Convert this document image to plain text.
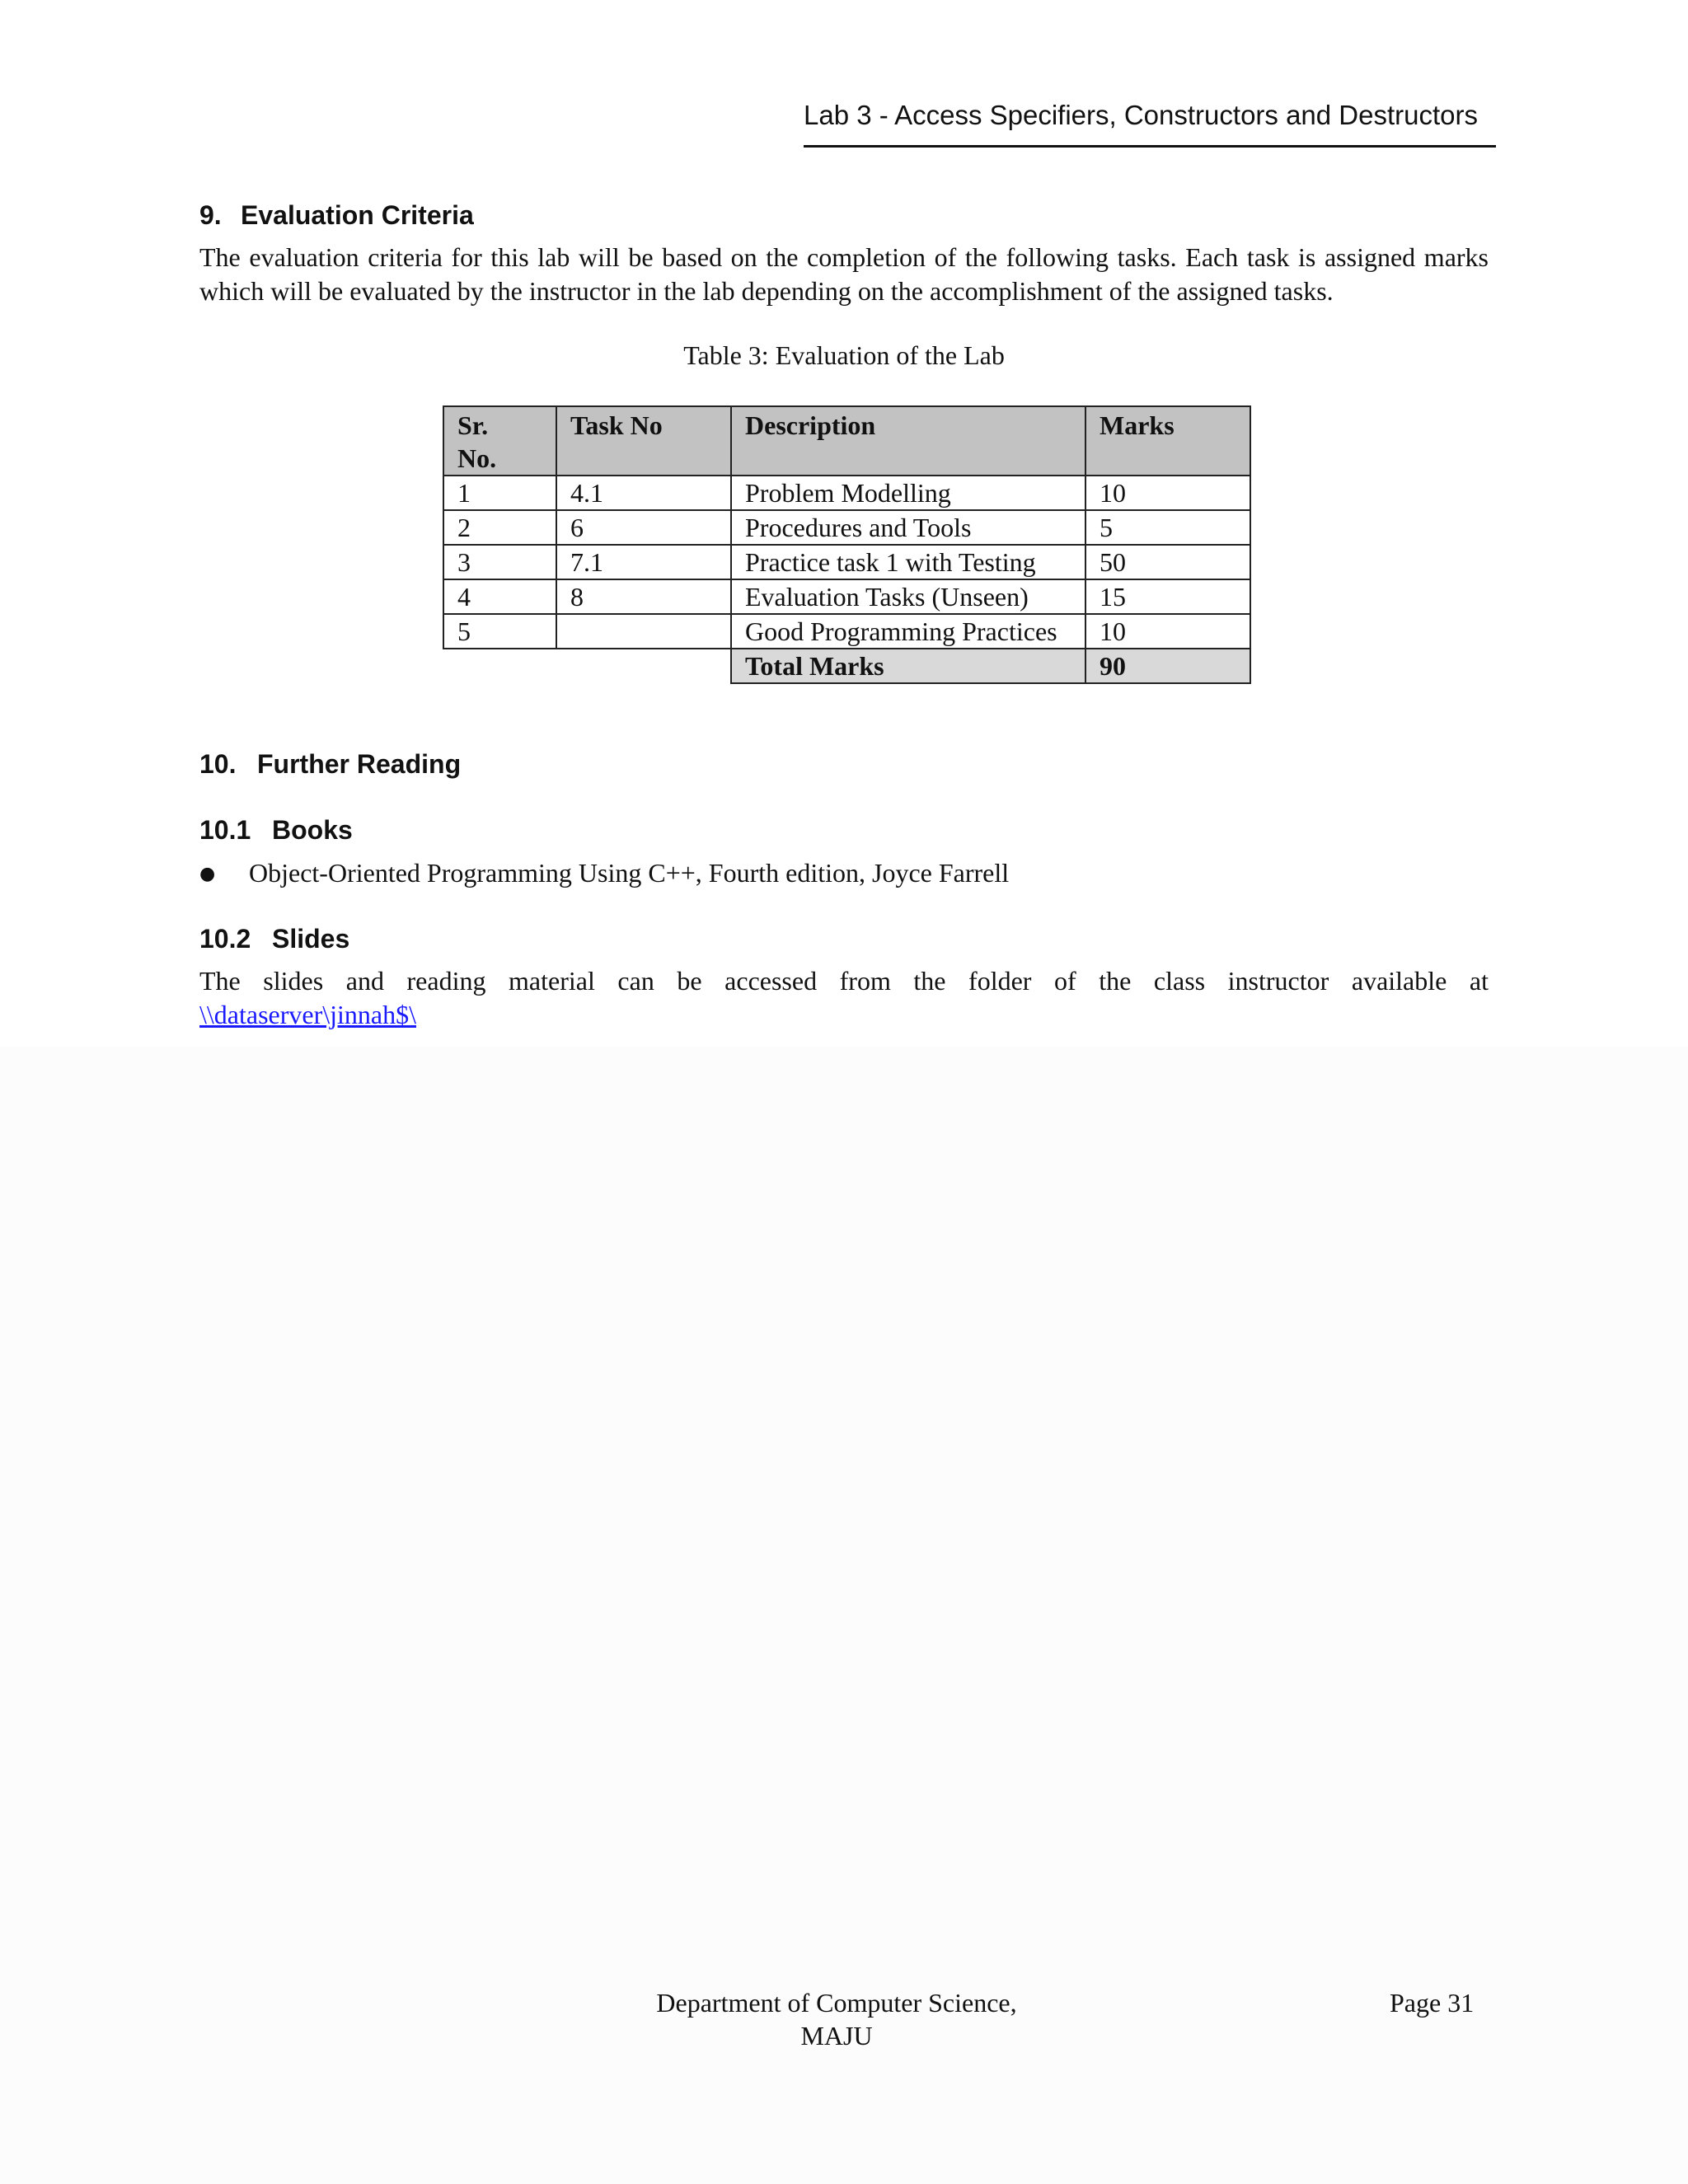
Lab 3 - Access Specifiers, Constructors and Destructors
9. Evaluation Criteria
The evaluation criteria for this lab will be based on the completion of the following tasks. Each task is assigned marks which will be evaluated by the instructor in the lab depending on the accomplishment of the assigned tasks.
Table 3: Evaluation of the Lab
Sr.
No.	Task No	Description	Marks
1	4.1	Problem Modelling	10
2	6	Procedures and Tools	5
3	7.1	Practice task 1 with Testing	50
4	8	Evaluation Tasks (Unseen)	15
5		Good Programming Practices	10
		Total Marks	90
10. Further Reading
10.1 Books
● Object-Oriented Programming Using C++, Fourth edition, Joyce Farrell
10.2 Slides
The slides and reading material can be accessed from the folder of the class instructor available at
\\dataserver\jinnah$\
Department of Computer Science,
MAJU
Page 31
